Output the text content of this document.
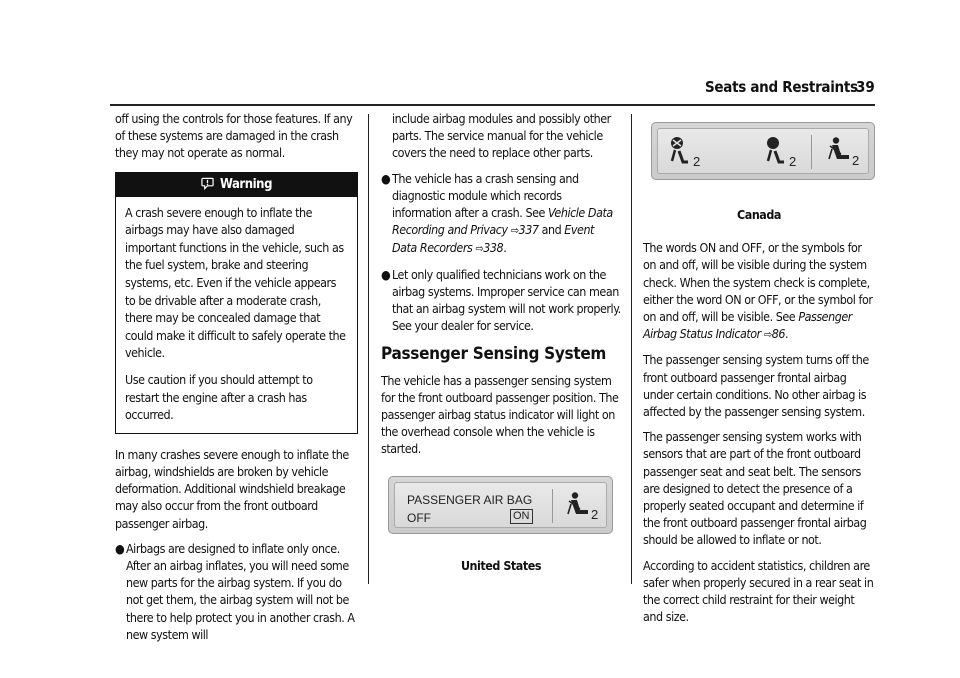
Seats and Restraints
39

off using the controls for those features. If any of these systems are damaged in the crash they may not operate as normal.

Warning

A crash severe enough to inflate the airbags may have also damaged important functions in the vehicle, such as the fuel system, brake and steering systems, etc. Even if the vehicle appears to be drivable after a moderate crash, there may be concealed damage that could make it difficult to safely operate the vehicle.

Use caution if you should attempt to restart the engine after a crash has occurred.

In many crashes severe enough to inflate the airbag, windshields are broken by vehicle deformation. Additional windshield breakage may also occur from the front outboard passenger airbag.

● Airbags are designed to inflate only once. After an airbag inflates, you will need some new parts for the airbag system. If you do not get them, the airbag system will not be there to help protect you in another crash. A new system will

include airbag modules and possibly other parts. The service manual for the vehicle covers the need to replace other parts.

● The vehicle has a crash sensing and diagnostic module which records information after a crash. See Vehicle Data Recording and Privacy ⇨337 and Event Data Recorders ⇨338.
● Let only qualified technicians work on the airbag systems. Improper service can mean that an airbag system will not work properly. See your dealer for service.
Passenger Sensing System

The vehicle has a passenger sensing system for the front outboard passenger position. The passenger airbag status indicator will light on the overhead console when the vehicle is started.

PASSENGER AIR BAG
OFF	ON	2
United States
2	2	2
Canada

The words ON and OFF, or the symbols for on and off, will be visible during the system check. When the system check is complete, either the word ON or OFF, or the symbol for on and off, will be visible. See Passenger Airbag Status Indicator ⇨86.

The passenger sensing system turns off the front outboard passenger frontal airbag under certain conditions. No other airbag is affected by the passenger sensing system.

The passenger sensing system works with sensors that are part of the front outboard passenger seat and seat belt. The sensors are designed to detect the presence of a properly seated occupant and determine if the front outboard passenger frontal airbag should be allowed to inflate or not.

According to accident statistics, children are safer when properly secured in a rear seat in the correct child restraint for their weight and size.
